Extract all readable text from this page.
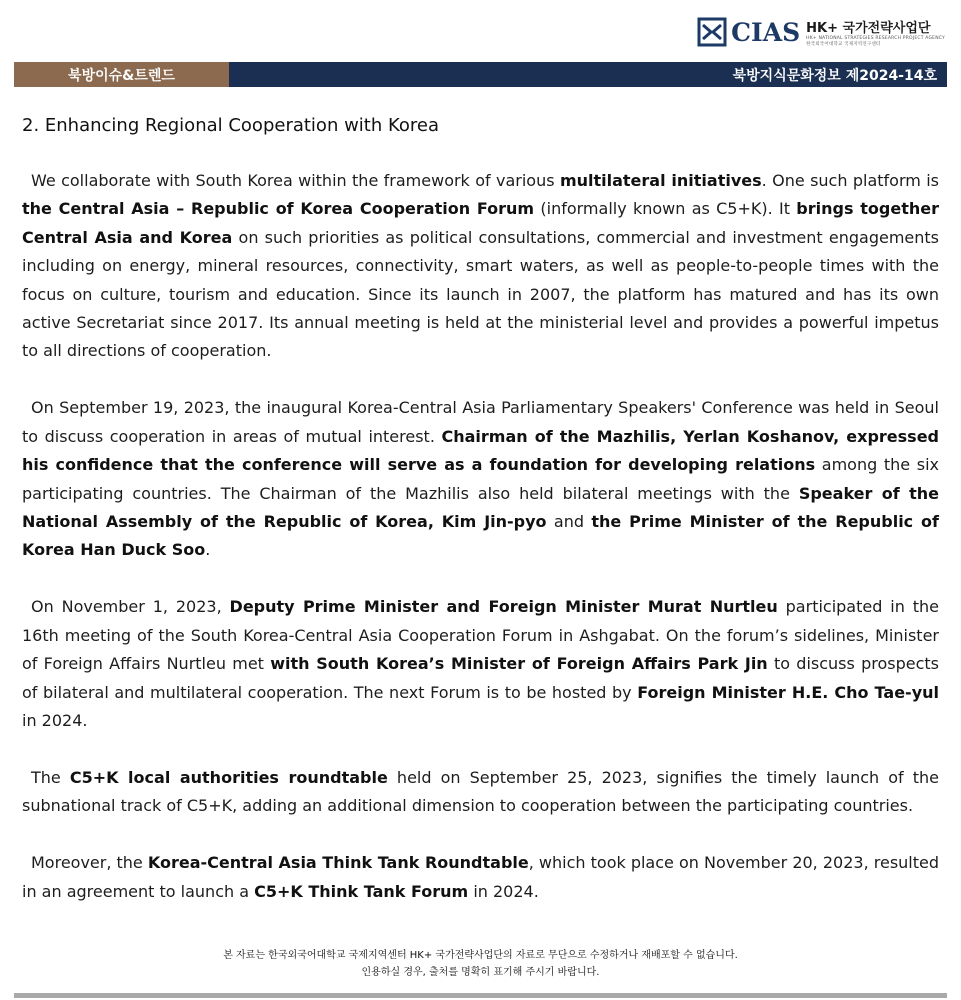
CIAS HK+ 국가전략사업단
HK+ NATIONAL STRATEGIES RESEARCH PROJECT AGENCY
한국외국어대학교 국제지역연구센터
북방이슈&트렌드	북방지식문화정보 제2024-14호
2. Enhancing Regional Cooperation with Korea

We collaborate with South Korea within the framework of various multilateral initiatives. One such platform is the Central Asia – Republic of Korea Cooperation Forum (informally known as C5+K). It brings together Central Asia and Korea on such priorities as political consultations, commercial and investment engagements including on energy, mineral resources, connectivity, smart waters, as well as people-to-people times with the focus on culture, tourism and education. Since its launch in 2007, the platform has matured and has its own active Secretariat since 2017. Its annual meeting is held at the ministerial level and provides a powerful impetus to all directions of cooperation.

On September 19, 2023, the inaugural Korea-Central Asia Parliamentary Speakers' Conference was held in Seoul to discuss cooperation in areas of mutual interest. Chairman of the Mazhilis, Yerlan Koshanov, expressed his confidence that the conference will serve as a foundation for developing relations among the six participating countries. The Chairman of the Mazhilis also held bilateral meetings with the Speaker of the National Assembly of the Republic of Korea, Kim Jin-pyo and the Prime Minister of the Republic of Korea Han Duck Soo.

On November 1, 2023, Deputy Prime Minister and Foreign Minister Murat Nurtleu participated in the 16th meeting of the South Korea-Central Asia Cooperation Forum in Ashgabat. On the forum’s sidelines, Minister of Foreign Affairs Nurtleu met with South Korea’s Minister of Foreign Affairs Park Jin to discuss prospects of bilateral and multilateral cooperation. The next Forum is to be hosted by Foreign Minister H.E. Cho Tae-yul in 2024.

The C5+K local authorities roundtable held on September 25, 2023, signifies the timely launch of the subnational track of C5+K, adding an additional dimension to cooperation between the participating countries.

Moreover, the Korea-Central Asia Think Tank Roundtable, which took place on November 20, 2023, resulted in an agreement to launch a C5+K Think Tank Forum in 2024.

본 자료는 한국외국어대학교 국제지역센터 HK+ 국가전략사업단의 자료로 무단으로 수정하거나 재배포할 수 없습니다.
인용하실 경우, 출처를 명확히 표기해 주시기 바랍니다.
